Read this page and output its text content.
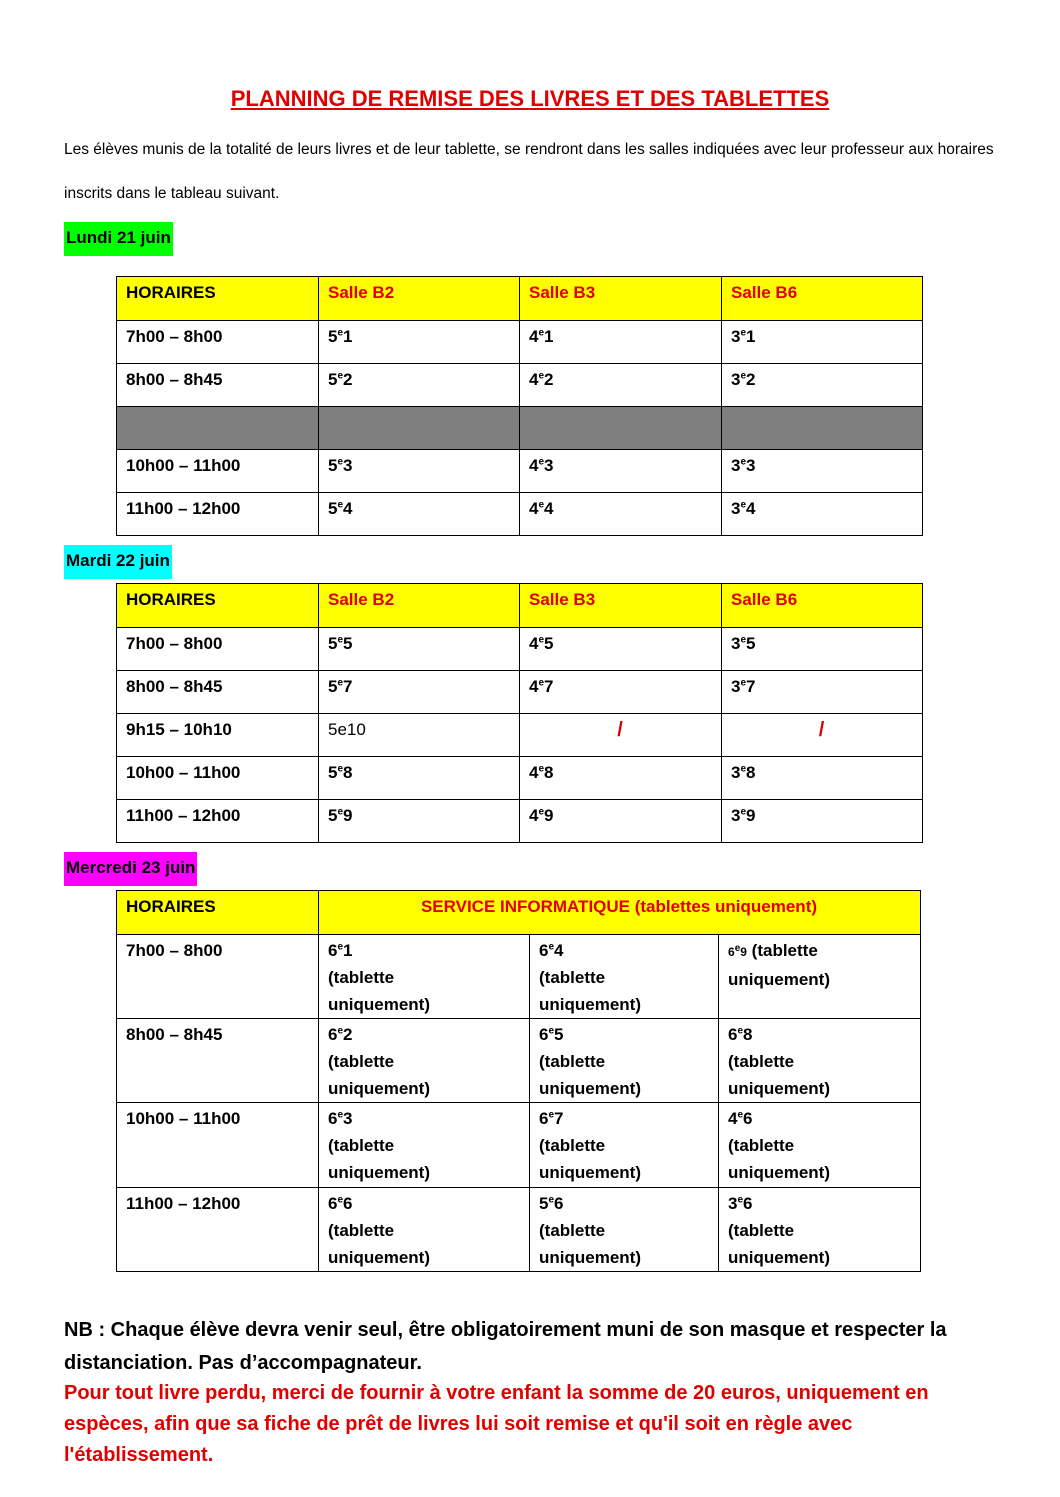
PLANNING DE REMISE DES LIVRES ET DES TABLETTES

Les élèves munis de la totalité de leurs livres et de leur tablette, se rendront dans les salles indiquées avec leur professeur aux horaires inscrits dans le tableau suivant.

Lundi 21 juin
HORAIRES	Salle B2	Salle B3	Salle B6
7h00 – 8h00	5e1	4e1	3e1
8h00 – 8h45	5e2	4e2	3e2

10h00 – 11h00	5e3	4e3	3e3
11h00 – 12h00	5e4	4e4	3e4
Mardi 22 juin
HORAIRES	Salle B2	Salle B3	Salle B6
7h00 – 8h00	5e5	4e5	3e5
8h00 – 8h45	5e7	4e7	3e7
9h15 – 10h10	5e10	/	/
10h00 – 11h00	5e8	4e8	3e8
11h00 – 12h00	5e9	4e9	3e9
Mercredi 23 juin
HORAIRES	SERVICE INFORMATIQUE (tablettes uniquement)		
7h00 – 8h00	6e1
(tablette
uniquement)	6e4
(tablette
uniquement)	6e9 (tablette
uniquement)
8h00 – 8h45	6e2
(tablette
uniquement)	6e5
(tablette
uniquement)	6e8
(tablette
uniquement)
10h00 – 11h00	6e3
(tablette
uniquement)	6e7
(tablette
uniquement)	4e6
(tablette
uniquement)
11h00 – 12h00	6e6
(tablette
uniquement)	5e6
(tablette
uniquement)	3e6
(tablette
uniquement)

NB : Chaque élève devra venir seul, être obligatoirement muni de son masque et respecter la distanciation. Pas d’accompagnateur.

Pour tout livre perdu, merci de fournir à votre enfant la somme de 20 euros, uniquement en espèces, afin que sa fiche de prêt de livres lui soit remise et qu'il soit en règle avec l'établissement.
